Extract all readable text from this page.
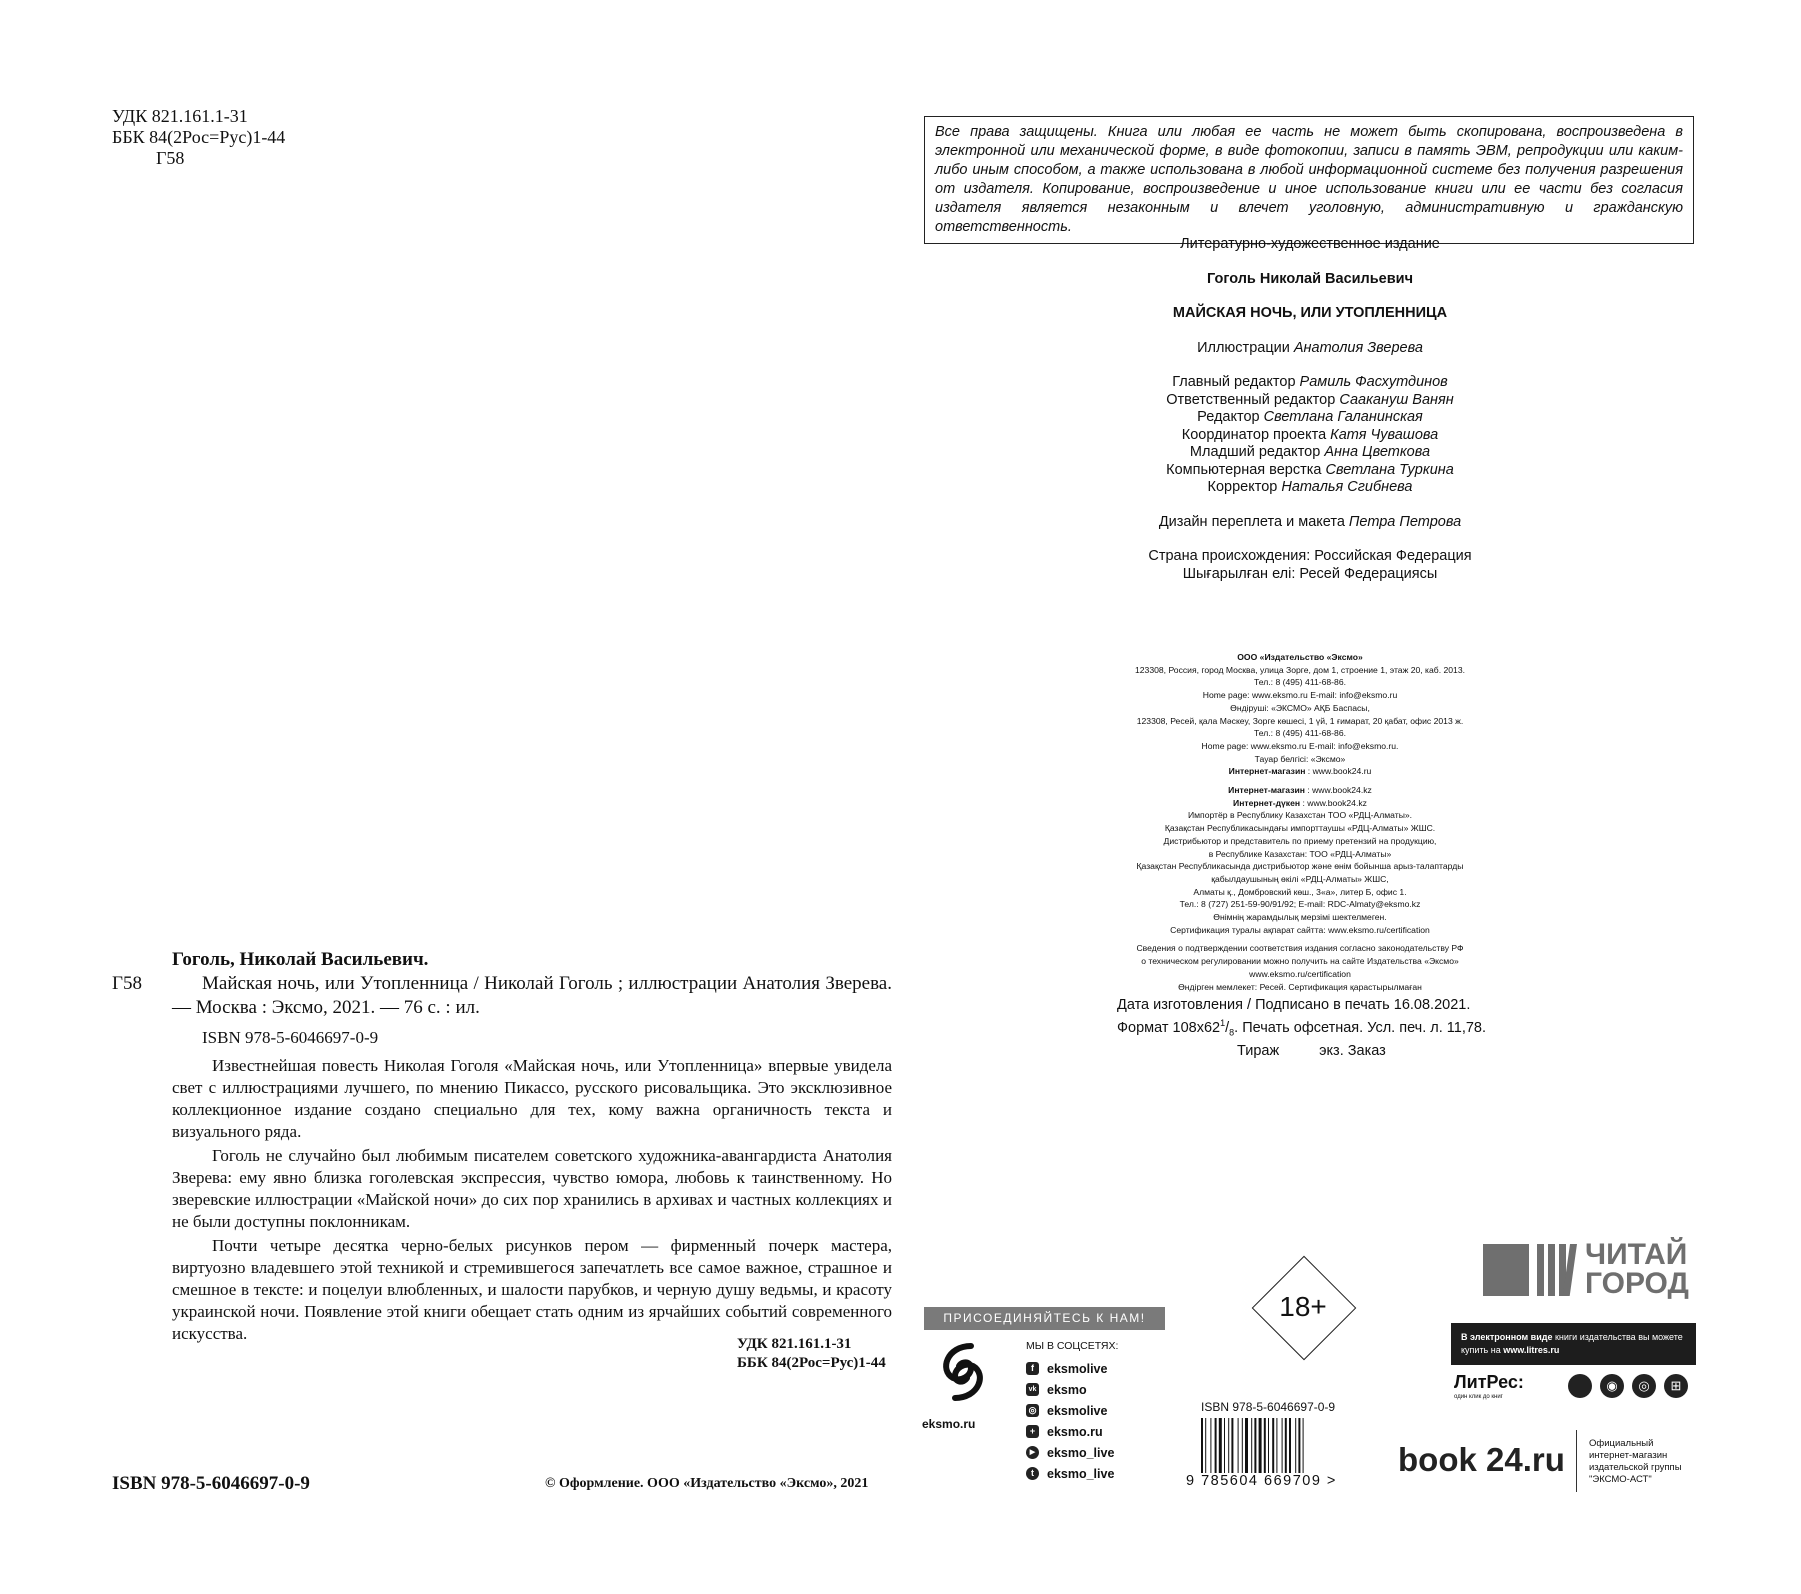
УДК 821.161.1-31
ББК 84(2Рос=Рус)1-44
Г58
Гоголь, Николай Васильевич.
Г58	Майская ночь, или Утопленница / Николай Гоголь ; иллюстрации Анатолия Зверева. — Москва : Эксмо, 2021. — 76 с. : ил.
ISBN 978-5-6046697-0-9

Известнейшая повесть Николая Гоголя «Майская ночь, или Утопленница» впервые увидела свет с иллюстрациями лучшего, по мнению Пикассо, русского рисовальщика. Это эксклюзивное коллекционное издание создано специально для тех, кому важна органичность текста и визуального ряда.

Гоголь не случайно был любимым писателем советского художника-авангардиста Анатолия Зверева: ему явно близка гоголевская экспрессия, чувство юмора, любовь к таинственному. Но зверевские иллюстрации «Майской ночи» до сих пор хранились в архивах и частных коллекциях и не были доступны поклонникам.

Почти четыре десятка черно-белых рисунков пером — фирменный почерк мастера, виртуозно владевшего этой техникой и стремившегося запечатлеть все самое важное, страшное и смешное в тексте: и поцелуи влюбленных, и шалости парубков, и черную душу ведьмы, и красоту украинской ночи. Появление этой книги обещает стать одним из ярчайших событий современного искусства.

УДК 821.161.1-31
ББК 84(2Рос=Рус)1-44
ISBN 978-5-6046697-0-9	© Оформление. ООО «Издательство «Эксмо», 2021
Все права защищены. Книга или любая ее часть не может быть скопирована, воспроизведена в электронной или механической форме, в виде фотокопии, записи в память ЭВМ, репродукции или каким-либо иным способом, а также использована в любой информационной системе без получения разрешения от издателя. Копирование, воспроизведение и иное использование книги или ее части без согласия издателя является незаконным и влечет уголовную, административную и гражданскую ответственность.
Литературно-художественное издание
Гоголь Николай Васильевич
МАЙСКАЯ НОЧЬ, ИЛИ УТОПЛЕННИЦА
Иллюстрации Анатолия Зверева
Главный редактор Рамиль Фасхутдинов
Ответственный редактор Саакануш Ванян
Редактор Светлана Галанинская
Координатор проекта Катя Чувашова
Младший редактор Анна Цветкова
Компьютерная верстка Светлана Туркина
Корректор Наталья Сгибнева
Дизайн переплета и макета Петра Петрова
Страна происхождения: Российская Федерация
Шығарылған елі: Ресей Федерациясы
ООО «Издательство «Эксмо»
123308, Россия, город Москва, улица Зорге, дом 1, строение 1, этаж 20, каб. 2013.
Тел.: 8 (495) 411-68-86.
Home page: www.eksmo.ru E-mail: info@eksmo.ru
Өндіруші: «ЭКСМО» АҚБ Баспасы,
123308, Ресей, қала Мәскеу, Зорге көшесі, 1 үй, 1 ғимарат, 20 қабат, офис 2013 ж.
Тел.: 8 (495) 411-68-86.
Home page: www.eksmo.ru E-mail: info@eksmo.ru.
Тауар белгісі: «Эксмо»
Интернет-магазин : www.book24.ru
Интернет-магазин : www.book24.kz
Интернет-дүкен : www.book24.kz
Импортёр в Республику Казахстан ТОО «РДЦ-Алматы».
Қазақстан Республикасындағы импорттаушы «РДЦ-Алматы» ЖШС.
Дистрибьютор и представитель по приему претензий на продукцию,
в Республике Казахстан: ТОО «РДЦ-Алматы»
Қазақстан Республикасында дистрибьютор және өнім бойынша арыз-талаптарды
қабылдаушының өкілі «РДЦ-Алматы» ЖШС,
Алматы қ., Домбровский көш., 3«а», литер Б, офис 1.
Тел.: 8 (727) 251-59-90/91/92; E-mail: RDC-Almaty@eksmo.kz
Өнімнің жарамдылық мерзімі шектелмеген.
Сертификация туралы ақпарат сайтта: www.eksmo.ru/certification
Сведения о подтверждении соответствия издания согласно законодательству РФ
о техническом регулировании можно получить на сайте Издательства «Эксмо»
www.eksmo.ru/certification
Өндірген мемлекет: Ресей. Сертификация қарастырылмаған
Дата изготовления / Подписано в печать 16.08.2021.
Формат $108x62^1/_8$. Печать офсетная. Усл. печ. л. 11,78.
Тираж	экз. Заказ
ПРИСОЕДИНЯЙТЕСЬ К НАМ!
eksmo.ru
МЫ В СОЦСЕТЯХ:
f	eksmolive
vk eksmo
◎ eksmolive
+ eksmo.ru
▶ eksmo_live
t	eksmo_live
18+
ISBN 978-5-6046697-0-9
9 785604 669709 >
ЧИТАЙ
ГОРОД
В электронном виде книги издательства вы можете купить на www.litres.ru
ЛитРес:
один клик до книг
◉	◎	⊞
book 24.ru	Официальный
интернет-магазин
издательской группы
"ЭКСМО-АСТ"
